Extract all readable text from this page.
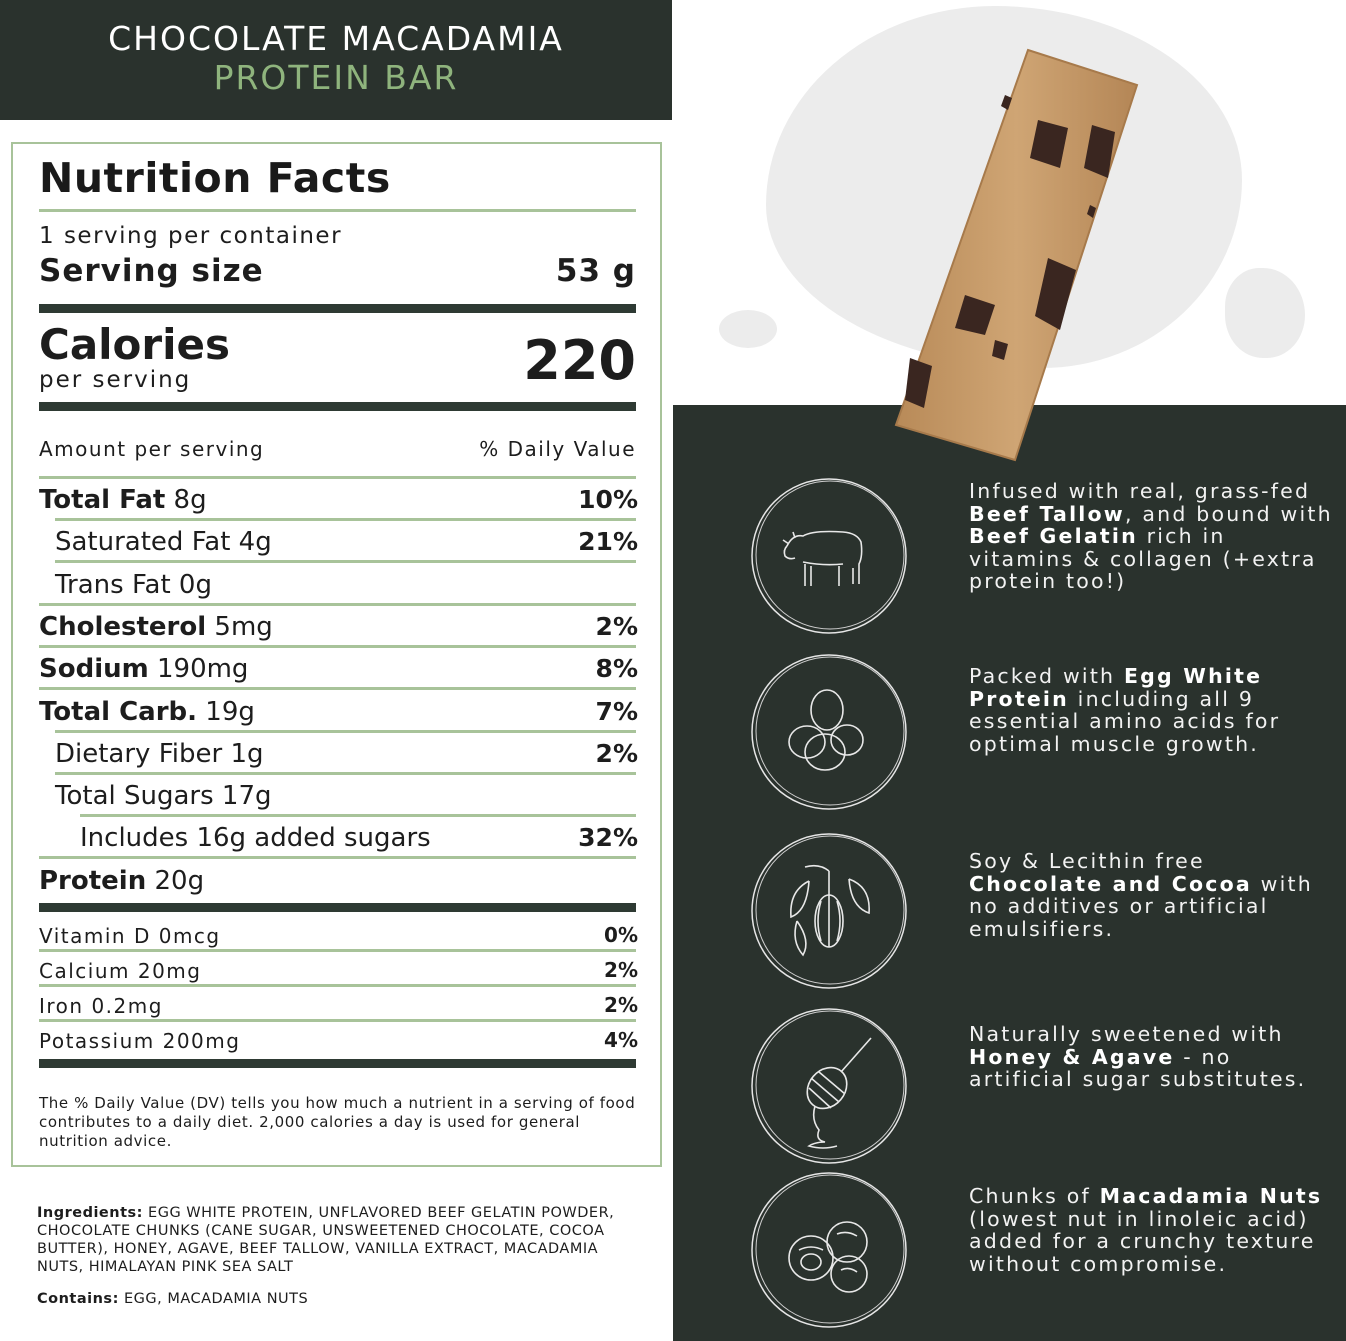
CHOCOLATE MACADAMIA
PROTEIN BAR
Nutrition Facts
1 serving per container
Serving size	53 g
Calories
per serving	220
Amount per serving	% Daily Value
Total Fat 8g	10%
Saturated Fat 4g	21%
Trans Fat 0g
Cholesterol 5mg	2%
Sodium 190mg	8%
Total Carb. 19g	7%
Dietary Fiber 1g	2%
Total Sugars 17g
Includes 16g added sugars	32%
Protein 20g
Vitamin D 0mcg	0%
Calcium 20mg	2%
Iron 0.2mg	2%
Potassium 200mg	4%
The % Daily Value (DV) tells you how much a nutrient in a serving of food contributes to a daily diet. 2,000 calories a day is used for general nutrition advice.
Ingredients: EGG WHITE PROTEIN, UNFLAVORED BEEF GELATIN POWDER, CHOCOLATE CHUNKS (CANE SUGAR, UNSWEETENED CHOCOLATE, COCOA BUTTER), HONEY, AGAVE, BEEF TALLOW, VANILLA EXTRACT, MACADAMIA NUTS, HIMALAYAN PINK SEA SALT
Contains: EGG, MACADAMIA NUTS
Infused with real, grass-fed Beef Tallow, and bound with Beef Gelatin rich in vitamins & collagen (+extra protein too!)
Packed with Egg White Protein including all 9 essential amino acids for optimal muscle growth.
Soy & Lecithin free Chocolate and Cocoa with no additives or artificial emulsifiers.
Naturally sweetened with Honey & Agave - no artificial sugar substitutes.
Chunks of Macadamia Nuts (lowest nut in linoleic acid) added for a crunchy texture without compromise.
